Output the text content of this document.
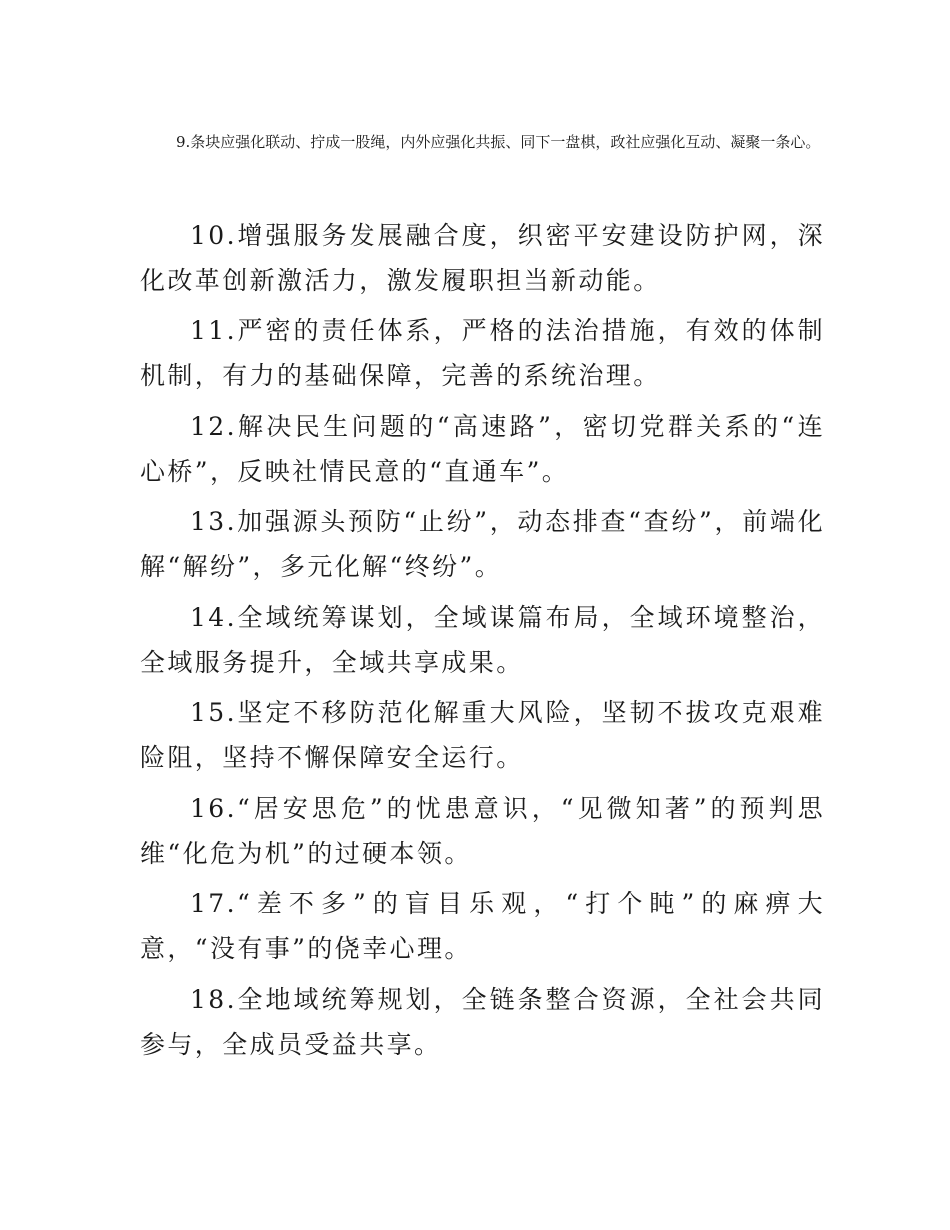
9.条块应强化联动、拧成一股绳，内外应强化共振、同下一盘棋，政社应强化互动、凝聚一条心。

10.增强服务发展融合度，织密平安建设防护网，深化改革创新激活力，激发履职担当新动能。

11.严密的责任体系，严格的法治措施，有效的体制机制，有力的基础保障，完善的系统治理。

12.解决民生问题的“高速路”，密切党群关系的“连心桥”，反映社情民意的“直通车”。

13.加强源头预防“止纷”，动态排查“查纷”，前端化解“解纷”，多元化解“终纷”。

14.全域统筹谋划，全域谋篇布局，全域环境整治，全域服务提升，全域共享成果。

15.坚定不移防范化解重大风险，坚韧不拔攻克艰难险阻，坚持不懈保障安全运行。

16.“居安思危”的忧患意识，“见微知著”的预判思维“化危为机”的过硬本领。

17.“差不多”的盲目乐观，“打个盹”的麻痹大意，“没有事”的侥幸心理。

18.全地域统筹规划，全链条整合资源，全社会共同参与，全成员受益共享。
